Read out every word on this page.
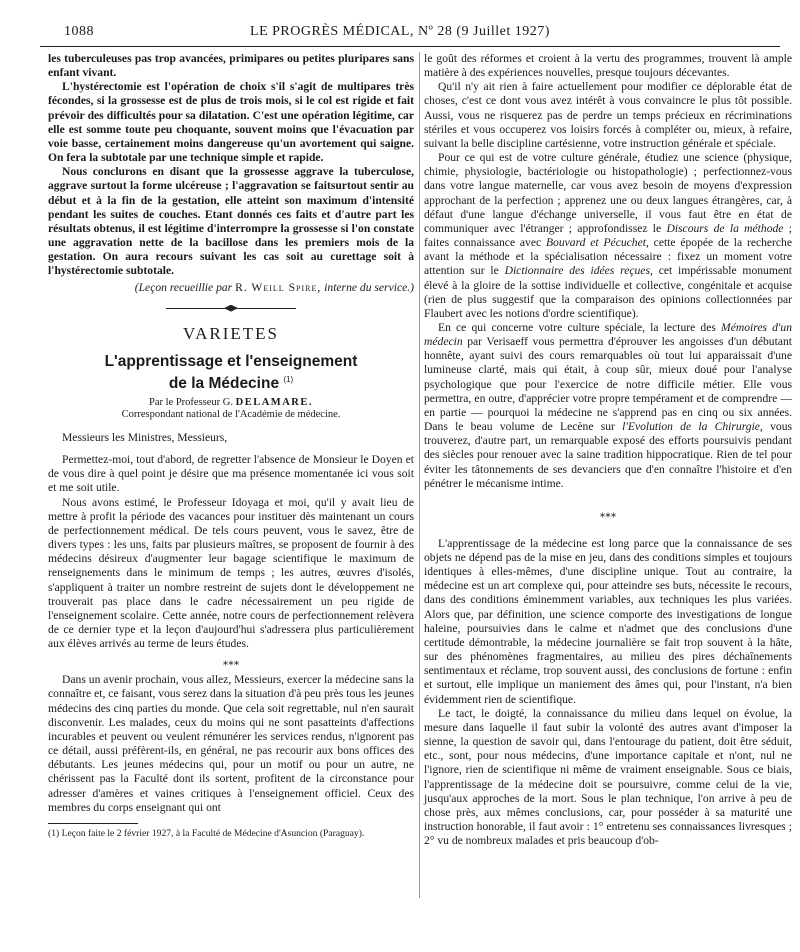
1088	LE PROGRÈS MÉDICAL, Nº 28 (9 Juillet 1927)

les tuberculeuses pas trop avancées, primipares ou petites pluripares sans enfant vivant.

L'hystérectomie est l'opération de choix s'il s'agit de multipares très fécondes, si la grossesse est de plus de trois mois, si le col est rigide et fait prévoir des difficultés pour sa dilatation. C'est une opération légitime, car elle est somme toute peu choquante, souvent moins que l'évacuation par voie basse, certainement moins dangereuse qu'un avortement qui saigne. On fera la subtotale par une technique simple et rapide.

Nous conclurons en disant que la grossesse aggrave la tuberculose, aggrave surtout la forme ulcéreuse ; l'aggravation se faitsurtout sentir au début et à la fin de la gestation, elle atteint son maximum d'intensité pendant les suites de couches. Etant donnés ces faits et d'autre part les résultats obtenus, il est légitime d'interrompre la grossesse si l'on constate une aggravation nette de la bacillose dans les premiers mois de la gestation. On aura recours suivant les cas soit au curettage soit à l'hystérectomie subtotale.

(Leçon recueillie par R. Weill Spire, interne du service.)

VARIETES
L'apprentissage et l'enseignement
de la Médecine $^{(1)}$
Par le Professeur G. DELAMARE.
Correspondant national de l'Académie de médecine.

Messieurs les Ministres, Messieurs,

Permettez-moi, tout d'abord, de regretter l'absence de Monsieur le Doyen et de vous dire à quel point je désire que ma présence momentanée ici vous soit et me soit utile.

Nous avons estimé, le Professeur Idoyaga et moi, qu'il y avait lieu de mettre à profit la période des vacances pour instituer dès maintenant un cours de perfectionnement médical. De tels cours peuvent, vous le savez, être de divers types : les uns, faits par plusieurs maîtres, se proposent de fournir à des médecins désireux d'augmenter leur bagage scientifique le maximum de renseignements dans le minimum de temps ; les autres, œuvres d'isolés, s'appliquent à traiter un nombre restreint de sujets dont le développement ne trouverait pas place dans le cadre nécessairement un peu rigide de l'enseignement scolaire. Cette année, notre cours de perfectionnement relèvera de ce dernier type et la leçon d'aujourd'hui s'adressera plus particulièrement aux élèves arrivés au terme de leurs études.

⁎⁎⁎

Dans un avenir prochain, vous allez, Messieurs, exercer la médecine sans la connaître et, ce faisant, vous serez dans la situation d'à peu près tous les jeunes médecins des cinq parties du monde. Que cela soit regrettable, nul n'en saurait disconvenir. Les malades, ceux du moins qui ne sont pasatteints d'affections incurables et peuvent ou veulent rémunérer les services rendus, n'ignorent pas ce détail, aussi préfèrent-ils, en général, ne pas recourir aux bons offices des débutants. Les jeunes médecins qui, pour un motif ou pour un autre, ne chérissent pas la Faculté dont ils sortent, profitent de la circonstance pour adresser d'amères et vaines critiques à l'enseignement officiel. Ceux des membres du corps enseignant qui ont

(1) Leçon faite le 2 février 1927, à la Faculté de Médecine d'Asuncion (Paraguay).

le goût des réformes et croient à la vertu des programmes, trouvent là ample matière à des expériences nouvelles, presque toujours décevantes.

Qu'il n'y ait rien à faire actuellement pour modifier ce déplorable état de choses, c'est ce dont vous avez intérêt à vous convaincre le plus tôt possible. Aussi, vous ne risquerez pas de perdre un temps précieux en récriminations stériles et vous occuperez vos loisirs forcés à compléter ou, mieux, à refaire, suivant la belle discipline cartésienne, votre instruction générale et spéciale.

Pour ce qui est de votre culture générale, étudiez une science (physique, chimie, physiologie, bactériologie ou histopathologie) ; perfectionnez-vous dans votre langue maternelle, car vous avez besoin de moyens d'expression approchant de la perfection ; apprenez une ou deux langues étrangères, car, à défaut d'une langue d'échange universelle, il vous faut être en état de communiquer avec l'étranger ; approfondissez le Discours de la méthode ; faites connaissance avec Bouvard et Pécuchet, cette épopée de la recherche avant la méthode et la spécialisation nécessaire : fixez un moment votre attention sur le Dictionnaire des idées reçues, cet impérissable monument élevé à la gloire de la sottise individuelle et collective, congénitale et acquise (rien de plus suggestif que la comparaison des opinions collectionnées par Flaubert avec les notions d'ordre scientifique).

En ce qui concerne votre culture spéciale, la lecture des Mémoires d'un médecin par Verisaeff vous permettra d'éprouver les angoisses d'un débutant honnête, ayant suivi des cours remarquables où tout lui apparaissait d'une lumineuse clarté, mais qui était, à coup sûr, mieux doué pour l'analyse psychologique que pour l'exercice de notre difficile métier. Elle vous permettra, en outre, d'apprécier votre propre tempérament et de comprendre — en partie — pourquoi la médecine ne s'apprend pas en cinq ou six années. Dans le beau volume de Lecène sur l'Evolution de la Chirurgie, vous trouverez, d'autre part, un remarquable exposé des efforts poursuivis pendant des siècles pour renouer avec la saine tradition hippocratique. Rien de tel pour éviter les tâtonnements de ses devanciers que d'en connaître l'histoire et d'en pénétrer le mécanisme intime.

⁎⁎⁎

L'apprentissage de la médecine est long parce que la connaissance de ses objets ne dépend pas de la mise en jeu, dans des conditions simples et toujours identiques à elles-mêmes, d'une discipline unique. Tout au contraire, la médecine est un art complexe qui, pour atteindre ses buts, nécessite le recours, dans des conditions éminemment variables, aux techniques les plus variées. Alors que, par définition, une science comporte des investigations de longue haleine, poursuivies dans le calme et n'admet que des conclusions d'une certitude démontrable, la médecine journalière se fait trop souvent à la hâte, sur des phénomènes fragmentaires, au milieu des pires déchaînements sentimentaux et réclame, trop souvent aussi, des conclusions de fortune : enfin et surtout, elle implique un maniement des âmes qui, pour l'instant, n'a bien évidemment rien de scientifique.

Le tact, le doigté, la connaissance du milieu dans lequel on évolue, la mesure dans laquelle il faut subir la volonté des autres avant d'imposer la sienne, la question de savoir qui, dans l'entourage du patient, doit être séduit, etc., sont, pour nous médecins, d'une importance capitale et n'ont, nul ne l'ignore, rien de scientifique ni même de vraiment enseignable. Sous ce biais, l'apprentissage de la médecine doit se poursuivre, comme celui de la vie, jusqu'aux approches de la mort. Sous le plan technique, l'on arrive à peu de chose près, aux mêmes conclusions, car, pour posséder à sa maturité une instruction honorable, il faut avoir : 1° entretenu ses connaissances livresques ; 2° vu de nombreux malades et pris beaucoup d'ob-
